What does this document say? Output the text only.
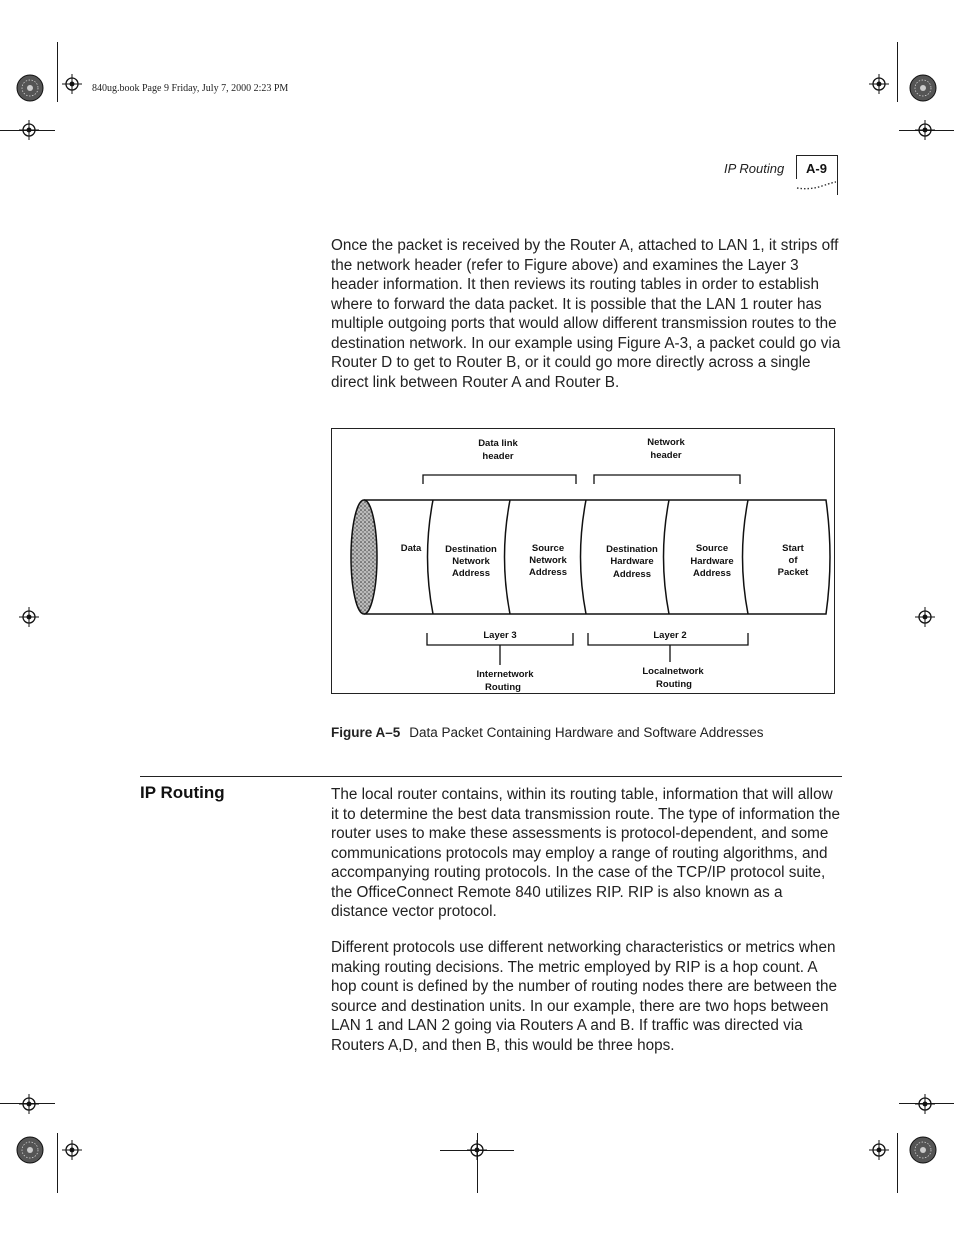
840ug.book Page 9 Friday, July 7, 2000 2:23 PM
IP Routing A-9

Once the packet is received by the Router A, attached to LAN 1, it strips off the network header (refer to Figure above) and examines the Layer 3 header information. It then reviews its routing tables in order to establish where to forward the data packet. It is possible that the LAN 1 router has multiple outgoing ports that would allow different transmission routes to the destination network. In our example using Figure A-3, a packet could go via Router D to get to Router B, or it could go more directly across a single direct link between Router A and Router B.

Data link
header
Network
header
Data	Destination
Network
Address
Source
Network
Address
Destination
Hardware
Address
Source
Hardware
Address
Start
of
Packet
Layer 3	Layer 2
Internetwork
Routing
Localnetwork
Routing
Figure A–5 Data Packet Containing Hardware and Software Addresses
IP Routing	The local router contains, within its routing table, information that will allow it to determine the best data transmission route. The type of information the router uses to make these assessments is protocol-dependent, and some communications protocols may employ a range of routing algorithms, and accompanying routing protocols. In the case of the TCP/IP protocol suite, the OfficeConnect Remote 840 utilizes RIP. RIP is also known as a distance vector protocol.

Different protocols use different networking characteristics or metrics when making routing decisions. The metric employed by RIP is a hop count. A hop count is defined by the number of routing nodes there are between the source and destination units. In our example, there are two hops between LAN 1 and LAN 2 going via Routers A and B. If traffic was directed via Routers A,D, and then B, this would be three hops.
